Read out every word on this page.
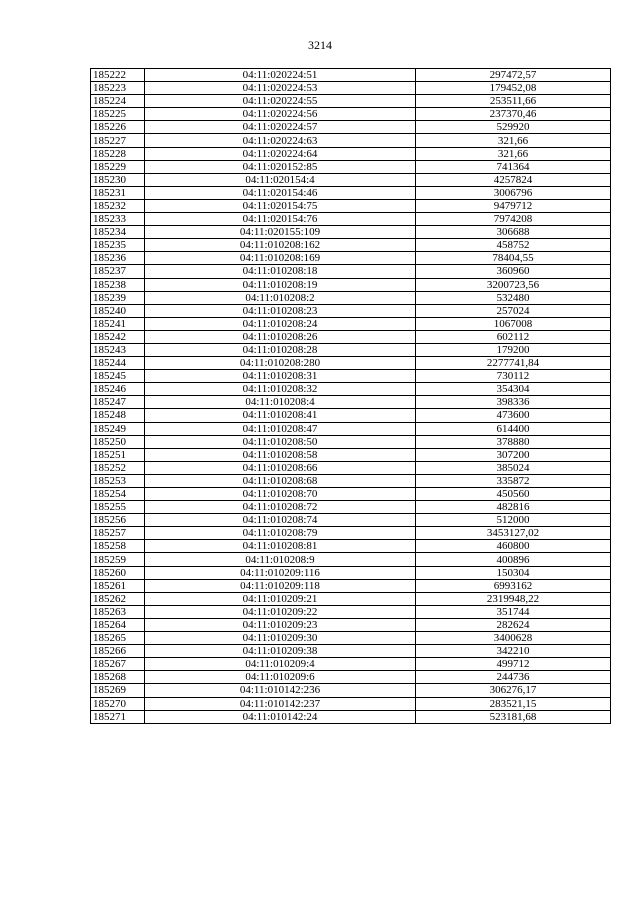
3214
185222	04:11:020224:51	297472,57
185223	04:11:020224:53	179452,08
185224	04:11:020224:55	253511,66
185225	04:11:020224:56	237370,46
185226	04:11:020224:57	529920
185227	04:11:020224:63	321,66
185228	04:11:020224:64	321,66
185229	04:11:020152:85	741364
185230	04:11:020154:4	4257824
185231	04:11:020154:46	3006796
185232	04:11:020154:75	9479712
185233	04:11:020154:76	7974208
185234	04:11:020155:109	306688
185235	04:11:010208:162	458752
185236	04:11:010208:169	78404,55
185237	04:11:010208:18	360960
185238	04:11:010208:19	3200723,56
185239	04:11:010208:2	532480
185240	04:11:010208:23	257024
185241	04:11:010208:24	1067008
185242	04:11:010208:26	602112
185243	04:11:010208:28	179200
185244	04:11:010208:280	2277741,84
185245	04:11:010208:31	730112
185246	04:11:010208:32	354304
185247	04:11:010208:4	398336
185248	04:11:010208:41	473600
185249	04:11:010208:47	614400
185250	04:11:010208:50	378880
185251	04:11:010208:58	307200
185252	04:11:010208:66	385024
185253	04:11:010208:68	335872
185254	04:11:010208:70	450560
185255	04:11:010208:72	482816
185256	04:11:010208:74	512000
185257	04:11:010208:79	3453127,02
185258	04:11:010208:81	460800
185259	04:11:010208:9	400896
185260	04:11:010209:116	150304
185261	04:11:010209:118	6993162
185262	04:11:010209:21	2319948,22
185263	04:11:010209:22	351744
185264	04:11:010209:23	282624
185265	04:11:010209:30	3400628
185266	04:11:010209:38	342210
185267	04:11:010209:4	499712
185268	04:11:010209:6	244736
185269	04:11:010142:236	306276,17
185270	04:11:010142:237	283521,15
185271	04:11:010142:24	523181,68
